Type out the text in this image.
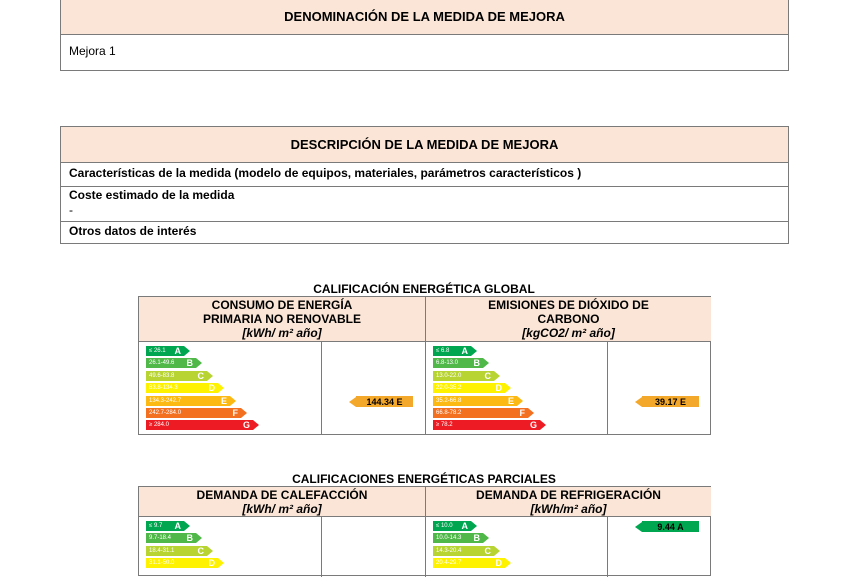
DENOMINACIÓN DE LA MEDIDA DE MEJORA
Mejora 1
DESCRIPCIÓN DE LA MEDIDA DE MEJORA
Características de la medida (modelo de equipos, materiales, parámetros característicos )
Coste estimado de la medida
-
Otros datos de interés
CALIFICACIÓN ENERGÉTICA GLOBAL
CONSUMO DE ENERGÍA
PRIMARIA NO RENOVABLE
[kWh/ m² año]
EMISIONES DE DIÓXIDO DE
CARBONO
[kgCO2/ m² año]
≤ 26.1 A
26.1-49.6 B
49.6-83.8	C
83.8-134.3	D
134.3-242.7	E
242.7-284.0	F
≥ 284.0	G
144.34 E
≤ 6.8 A
6.8-13.0 B
13.0-22.0	C
22.0-35.2	D
35.2-66.8	E
66.8-78.2	F
≥ 78.2	G
39.17 E
CALIFICACIONES ENERGÉTICAS PARCIALES
DEMANDA DE CALEFACCIÓN
[kWh/ m² año]
DEMANDA DE REFRIGERACIÓN
[kWh/m² año]
≤ 9.7 A
9.7-18.4 B
18.4-31.1	C
31.1-50.0	D
≤ 10.0 A
10.0-14.3 B
14.3-20.4	C
20.4-29.7	D
9.44 A
